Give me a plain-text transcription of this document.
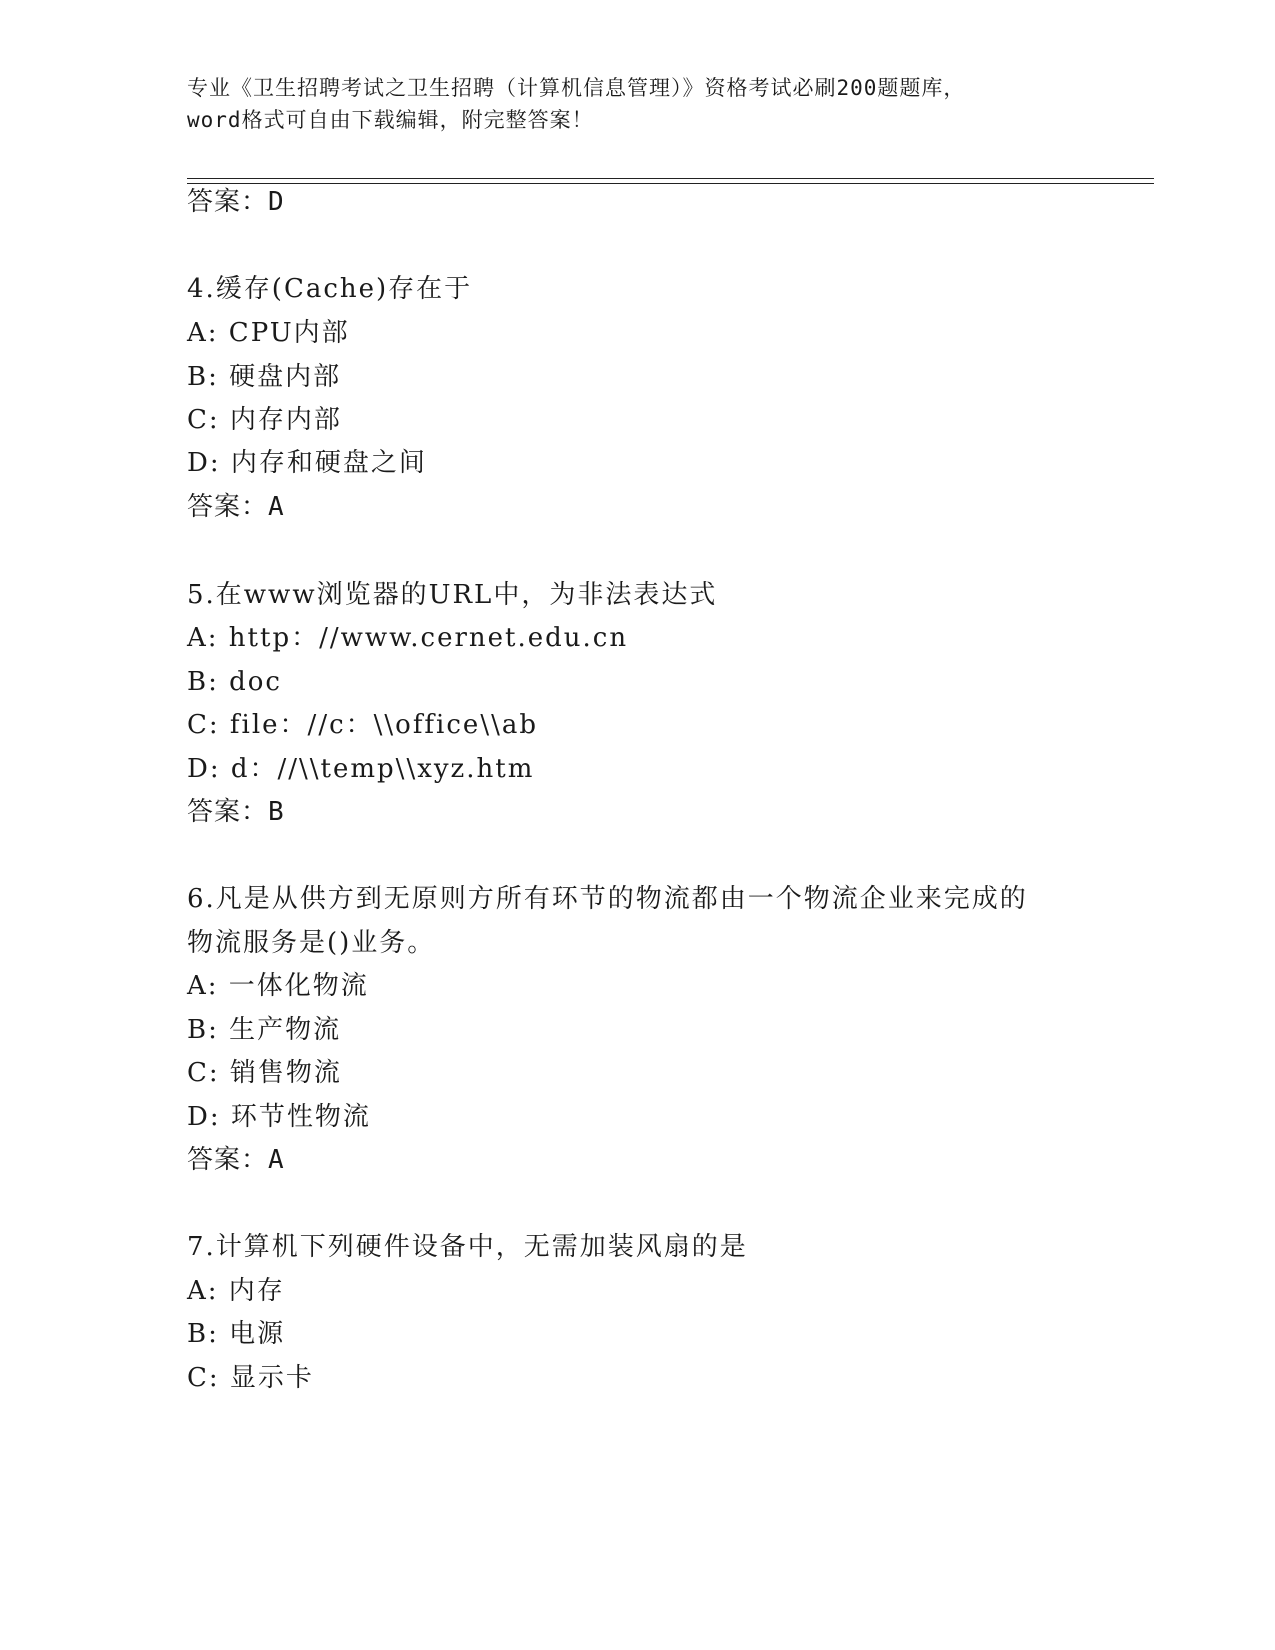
专业《卫生招聘考试之卫生招聘（计算机信息管理）》资格考试必刷200题题库，
word格式可自由下载编辑，附完整答案！
答案：D
4.缓存(Cache)存在于
A: CPU内部
B: 硬盘内部
C: 内存内部
D: 内存和硬盘之间
答案：A
5.在www浏览器的URL中，为非法表达式
A: http：//www.cernet.edu.cn
B: doc
C: file：//c：\\office\\ab
D: d：//\\temp\\xyz.htm
答案：B
6.凡是从供方到无原则方所有环节的物流都由一个物流企业来完成的
物流服务是()业务。
A: 一体化物流
B: 生产物流
C: 销售物流
D: 环节性物流
答案：A
7.计算机下列硬件设备中，无需加装风扇的是
A: 内存
B: 电源
C: 显示卡
